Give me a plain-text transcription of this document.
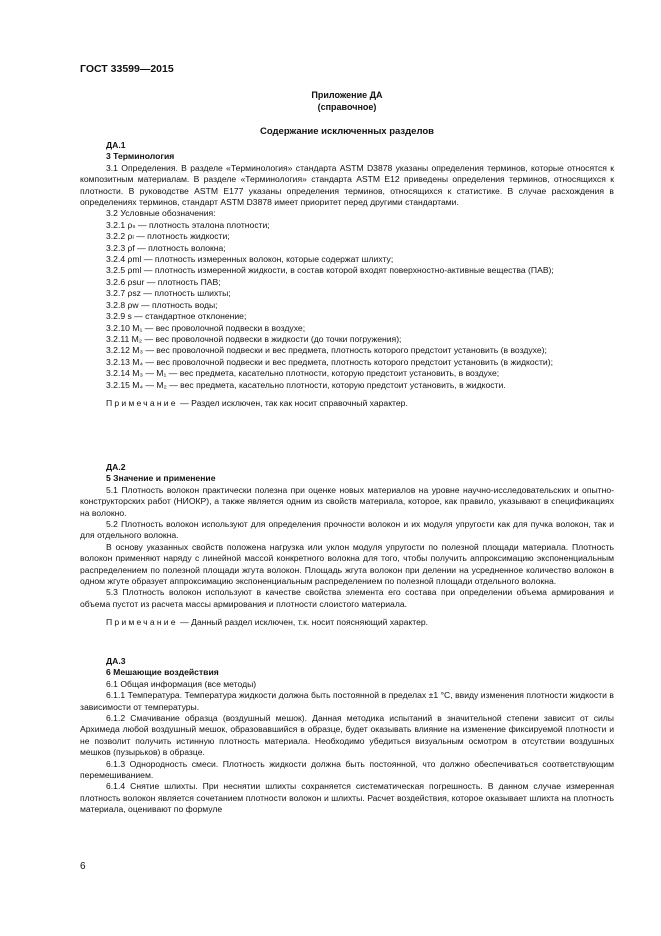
ГОСТ 33599—2015
Приложение ДА
(справочное)
Содержание исключенных разделов
ДА.1
3 Терминология

3.1 Определения. В разделе «Терминология» стандарта ASTM D3878 указаны определения терминов, которые относятся к композитным материалам. В разделе «Терминология» стандарта ASTM E12 приведены определения терминов, относящихся к плотности. В руководстве ASTM E177 указаны определения терминов, относящихся к статистике. В случае расхождения в определениях терминов, стандарт ASTM D3878 имеет приоритет перед другими стандартами.

3.2 Условные обозначения:

3.2.1 ρₛ — плотность эталона плотности;

3.2.2 ρₗ — плотность жидкости;

3.2.3 ρf — плотность волокна;

3.2.4 ρml — плотность измеренных волокон, которые содержат шлихту;

3.2.5 ρml — плотность измеренной жидкости, в состав которой входят поверхностно-активные вещества (ПАВ);

3.2.6 ρsur — плотность ПАВ;

3.2.7 ρsz — плотность шлихты;

3.2.8 ρw — плотность воды;

3.2.9 s — стандартное отклонение;

3.2.10 M₁ — вес проволочной подвески в воздухе;

3.2.11 M₂ — вес проволочной подвески в жидкости (до точки погружения);

3.2.12 M₃ — вес проволочной подвески и вес предмета, плотность которого предстоит установить (в воздухе);

3.2.13 M₄ — вес проволочной подвески и вес предмета, плотность которого предстоит установить (в жидкости);

3.2.14 M₃ — M₁ — вес предмета, касательно плотности, которую предстоит установить, в воздухе;

3.2.15 M₄ — M₂ — вес предмета, касательно плотности, которую предстоит установить, в жидкости.

Примечание — Раздел исключен, так как носит справочный характер.

ДА.2
5 Значение и применение

5.1 Плотность волокон практически полезна при оценке новых материалов на уровне научно-исследовательских и опытно-конструкторских работ (НИОКР), а также является одним из свойств материала, которое, как правило, указывают в спецификациях на волокно.

5.2 Плотность волокон используют для определения прочности волокон и их модуля упругости как для пучка волокон, так и для отдельного волокна.

В основу указанных свойств положена нагрузка или уклон модуля упругости по полезной площади материала. Плотность волокон применяют наряду с линейной массой конкретного волокна для того, чтобы получить аппроксимацию экспоненциальным распределением по полезной площади жгута волокон. Площадь жгута волокон при делении на усредненное количество волокон в одном жгуте образует аппроксимацию экспоненциальным распределением по полезной площади отдельного волокна.

5.3 Плотность волокон используют в качестве свойства элемента его состава при определении объема армирования и объема пустот из расчета массы армирования и плотности слоистого материала.

Примечание — Данный раздел исключен, т.к. носит поясняющий характер.

ДА.3
6 Мешающие воздействия

6.1 Общая информация (все методы)

6.1.1 Температура. Температура жидкости должна быть постоянной в пределах ±1 °C, ввиду изменения плотности жидкости в зависимости от температуры.

6.1.2 Смачивание образца (воздушный мешок). Данная методика испытаний в значительной степени зависит от силы Архимеда любой воздушный мешок, образовавшийся в образце, будет оказывать влияние на изменение фиксируемой плотности и не позволит получить истинную плотность материала. Необходимо убедиться визуальным осмотром в отсутствии воздушных мешков (пузырьков) в образце.

6.1.3 Однородность смеси. Плотность жидкости должна быть постоянной, что должно обеспечиваться соответствующим перемешиванием.

6.1.4 Снятие шлихты. При неснятии шлихты сохраняется систематическая погрешность. В данном случае измеренная плотность волокон является сочетанием плотности волокон и шлихты. Расчет воздействия, которое оказывает шлихта на плотность материала, оценивают по формуле

6
